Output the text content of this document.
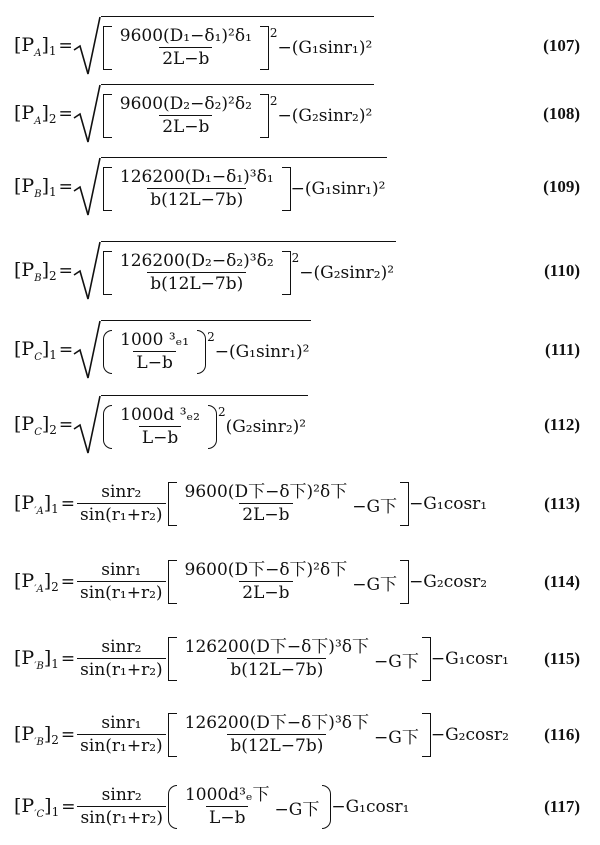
$[P_A]_1$ =	$\frac{\text{9600(D₁−δ₁)²δ₁}}{2L-b} 2$
−(G₁sinr₁)²	(107)
$[P_A]_2$ =	$\frac{\text{9600(D₂−δ₂)²δ₂}}{2L-b} 2$
−(G₂sinr₂)²	(108)
$[P_B]_1$ =	$\frac{\text{126200(D₁−δ₁)³δ₁}}{b(12L-7b)} -(G_1\sin r_1)^2$	(109)
$[P_B]_2$ =	$\frac{\text{126200(D₂−δ₂)³δ₂}}{b(12L-7b)} 2$
−(G₂sinr₂)²	(110)
$[P_C]_1$ =	$\frac{\text{1000 ³ₑ₁}}{L-b} 2$
−(G₁sinr₁)²	(111)
$[P_C]_2$ =	$\frac{\text{1000d ³ₑ₂}}{L-b} 2$
(G₂sinr₂)²	(112)
$[P_{'A}]_1 = \frac{\text{sinr₂}}{\text{sin(r₁+r₂)}} \frac{\text{9600(D下−δ下)²δ下}}{2L-b} -G$下 −G₁cosr₁	(113)
$[P_{'A}]_2 = \frac{\text{sinr₁}}{\text{sin(r₁+r₂)}} \frac{\text{9600(D下−δ下)²δ下}}{2L-b} -G$下 −G₂cosr₂	(114)
$[P_{'B}]_1 = \frac{\text{sinr₂}}{\text{sin(r₁+r₂)}} \frac{\text{126200(D下−δ下)³δ下}}{b(12L-7b)} -G$下 −G₁cosr₁ (115)
$[P_{'B}]_2 = \frac{\text{sinr₁}}{\text{sin(r₁+r₂)}} \frac{\text{126200(D下−δ下)³δ下}}{b(12L-7b)} -G$下 −G₂cosr₂ (116)
$[P_{'C}]_1 = \frac{\text{sinr₂}}{\text{sin(r₁+r₂)}} \frac{\text{1000d³ₑ下}}{L-b} -G$下 −G₁cosr₁	(117)
